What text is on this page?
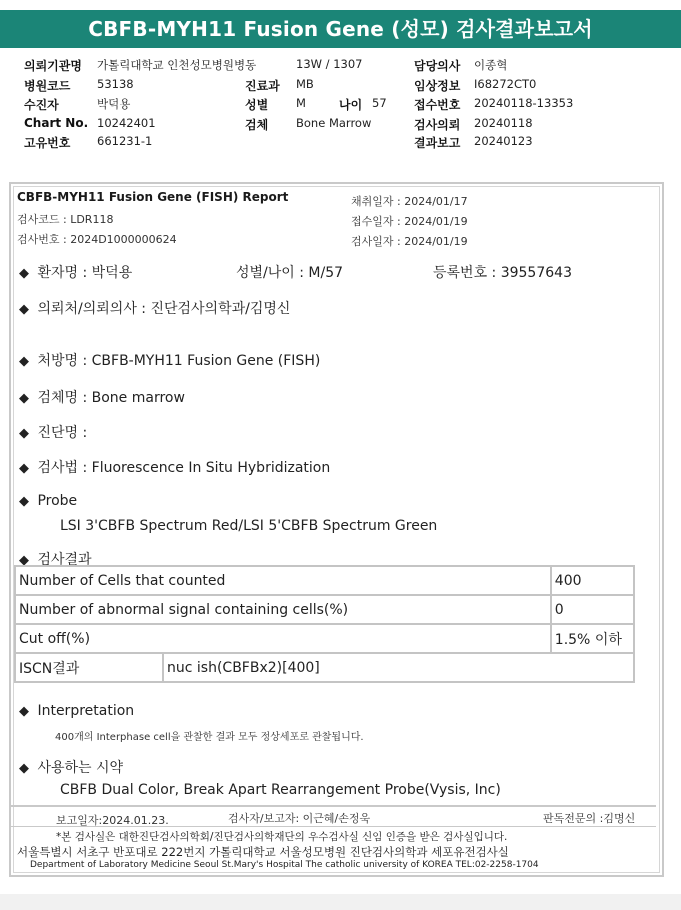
CBFB-MYH11 Fusion Gene (성모) 검사결과보고서
의뢰기관명 가톨릭대학교 인천성모병원병동	13W / 1307	담당의사 이종혁
병원코드 53138	진료과 MB	임상정보 I68272CT0
수진자	박덕용	성별 M	나이 57 접수번호 20240118-13353
Chart No. 10242401	검체 Bone Marrow	검사의뢰 20240118
고유번호 661231-1	결과보고 20240123
CBFB-MYH11 Fusion Gene (FISH) Report
검사코드 : LDR118
검사번호 : 2024D1000000624
채취일자 : 2024/01/17
접수일자 : 2024/01/19
검사일자 : 2024/01/19
◆ 환자명 : 박덕용	성별/나이 : M/57	등록번호 : 39557643
◆ 의뢰처/의뢰의사 : 진단검사의학과/김명신
◆ 처방명 : CBFB-MYH11 Fusion Gene (FISH)
◆ 검체명 : Bone marrow
◆ 진단명 :
◆ 검사법 : Fluorescence In Situ Hybridization
◆ Probe
LSI 3'CBFB Spectrum Red/LSI 5'CBFB Spectrum Green
◆ 검사결과
Number of Cells that counted		400
Number of abnormal signal containing cells(%)		0
Cut off(%)		1.5% 이하
ISCN결과	nuc ish(CBFBx2)[400]	
◆ Interpretation
400개의 Interphase cell을 관찰한 결과 모두 정상세포로 관찰됩니다.
◆ 사용하는 시약
CBFB Dual Color, Break Apart Rearrangement Probe(Vysis, Inc)
보고일자:2024.01.23.	검사자/보고자: 이근혜/손정욱	판독전문의 :김명신
*본 검사실은 대한진단검사의학회/진단검사의학재단의 우수검사실 신임 인증을 받은 검사실입니다.
서울특별시 서초구 반포대로 222번지 가톨릭대학교 서울성모병원 진단검사의학과 세포유전검사실
Department of Laboratory Medicine Seoul St.Mary's Hospital The catholic university of KOREA TEL:02-2258-1704
